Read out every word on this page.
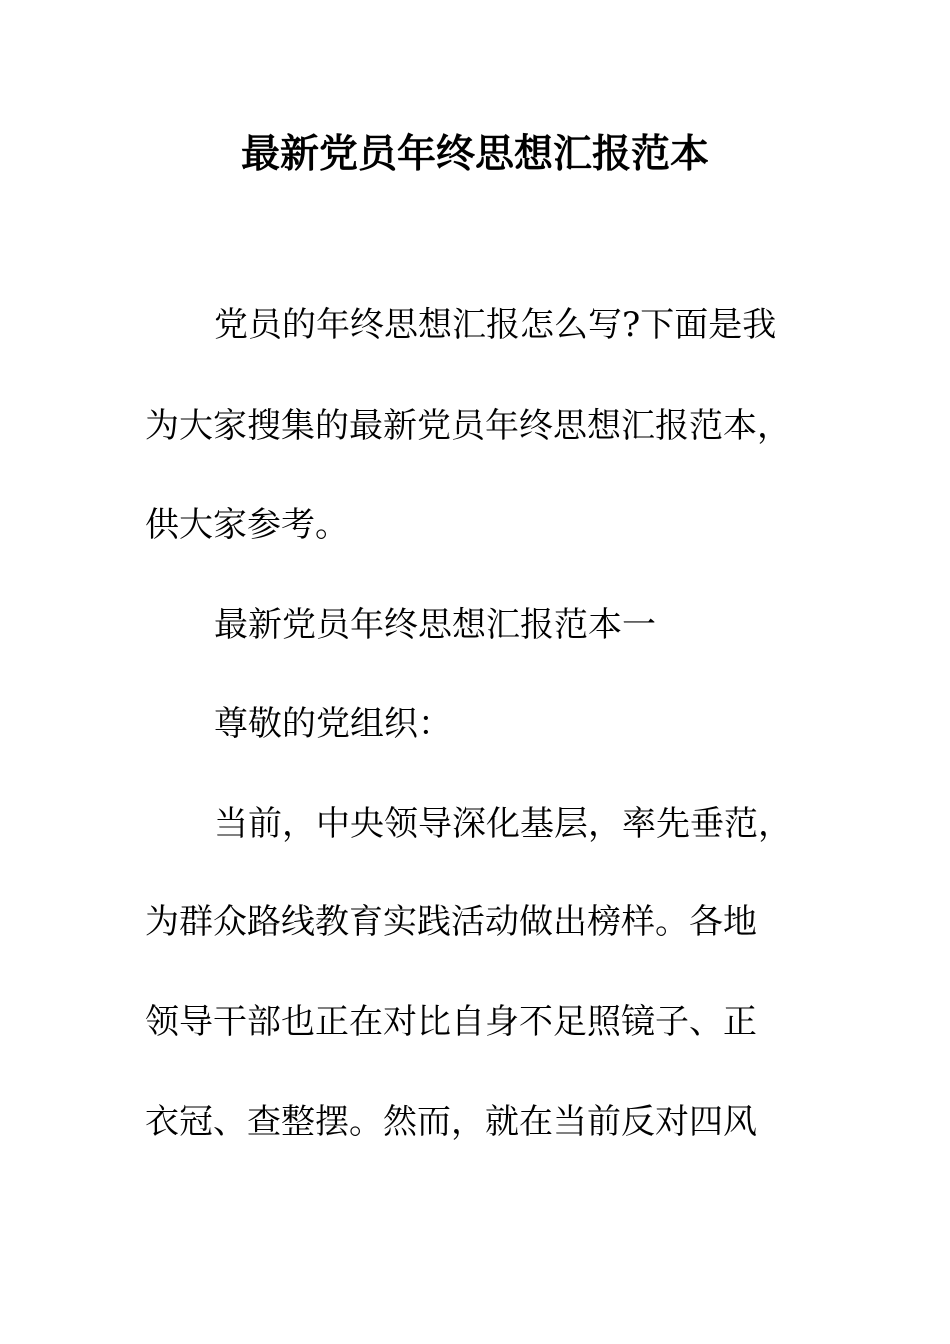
最新党员年终思想汇报范本
党员的年终思想汇报怎么写?下面是我
为大家搜集的最新党员年终思想汇报范本，
供大家参考。
最新党员年终思想汇报范本一
尊敬的党组织：
当前，中央领导深化基层，率先垂范，
为群众路线教育实践活动做出榜样。各地
领导干部也正在对比自身不足照镜子、正
衣冠、查整摆。然而，就在当前反对四风
